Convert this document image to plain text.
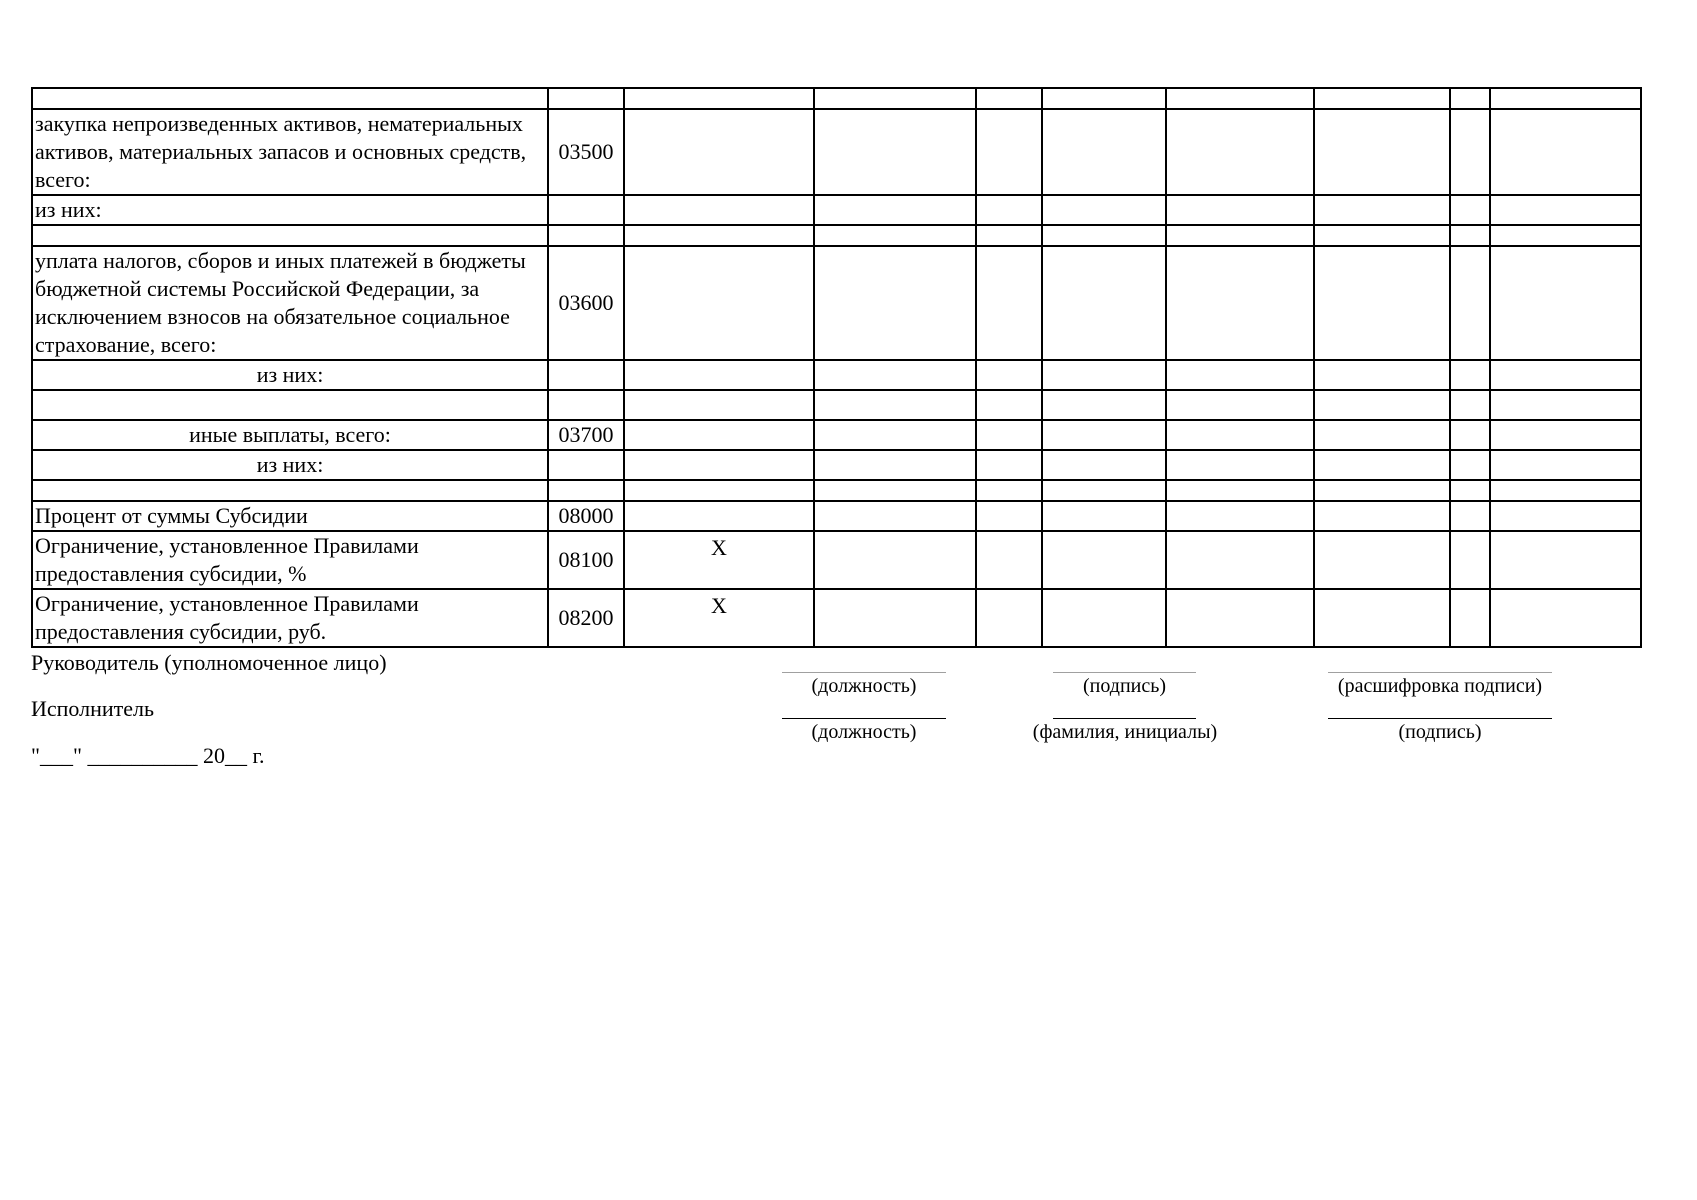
закупка непроизведенных активов, нематериальных активов, материальных запасов и основных средств, всего:	03500								
из них:									

уплата налогов, сборов и иных платежей в бюджеты бюджетной системы Российской Федерации, за исключением взносов на обязательное социальное страхование, всего:	03600								
из них:									

иные выплаты, всего:	03700								
из них:									

Процент от суммы Субсидии	08000								
Ограничение, установленное Правилами предоставления субсидии, %	08100	X							
Ограничение, установленное Правилами предоставления субсидии, руб.	08200	X							
Руководитель (уполномоченное лицо)
(должность)	(подпись)	(расшифровка подписи)
Исполнитель
(должность)	(фамилия, инициалы)	(подпись)
"___" __________ 20__ г.
